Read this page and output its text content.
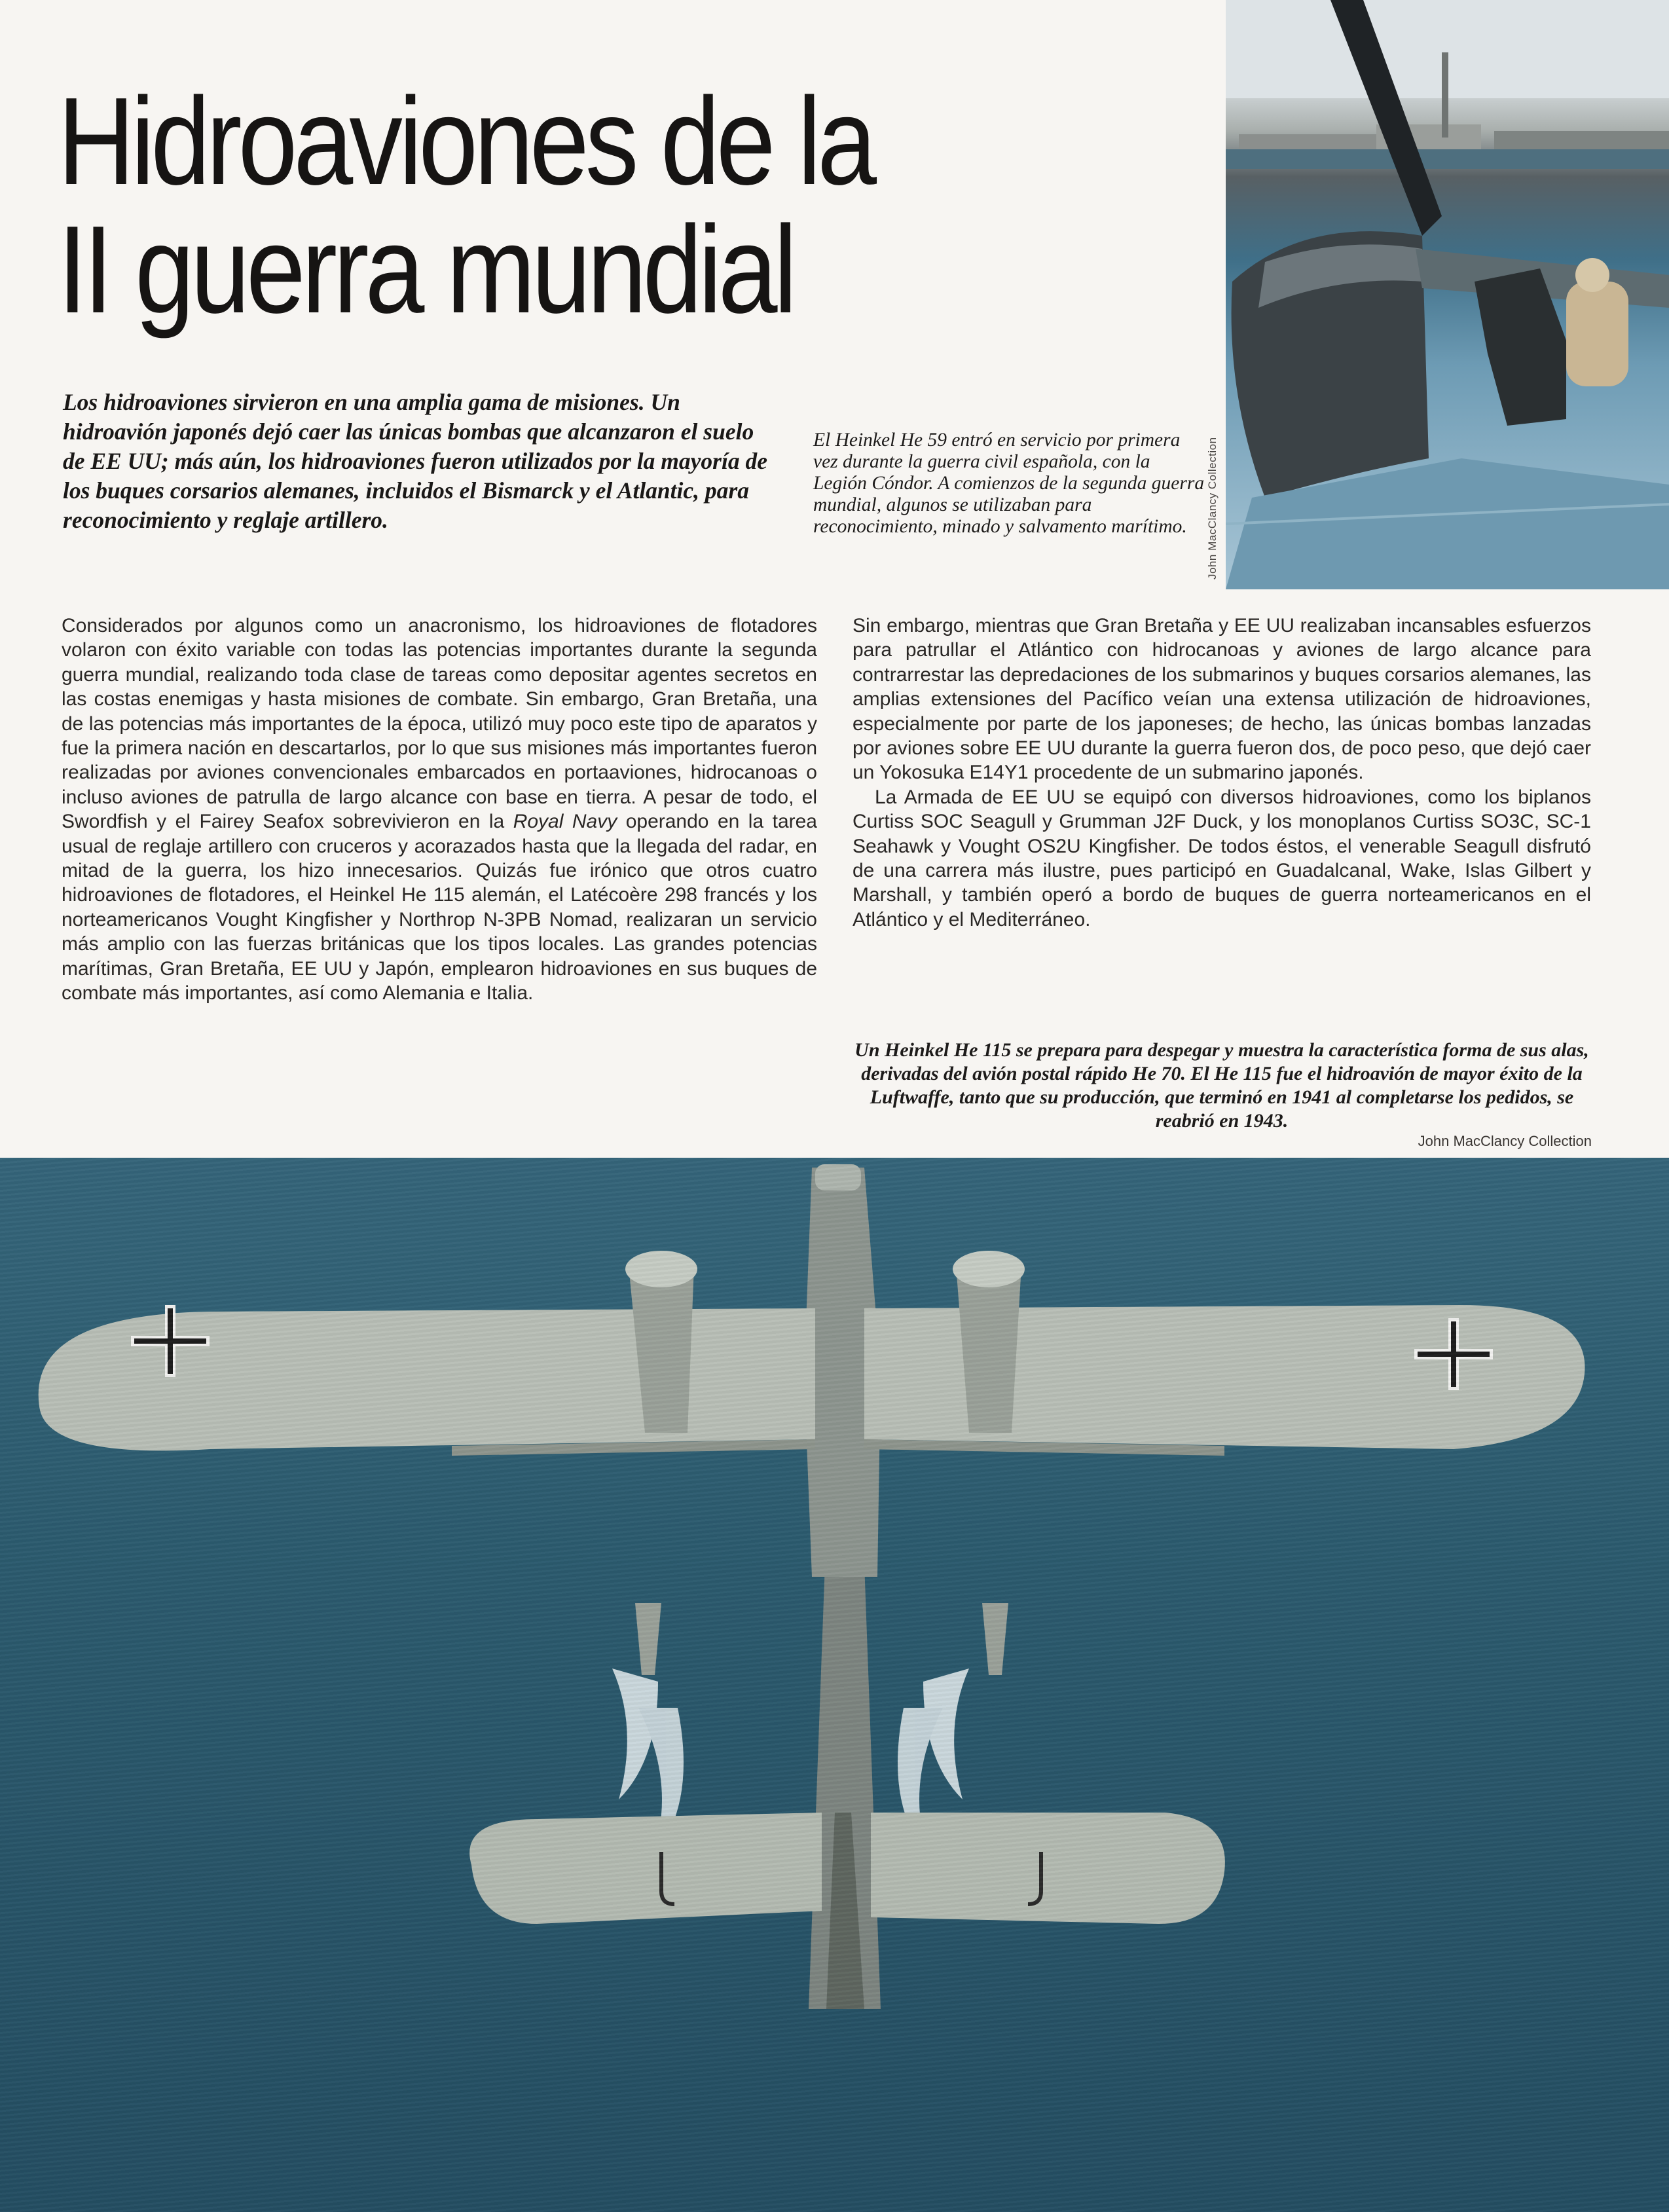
Hidroaviones de la
II guerra mundial

Los hidroaviones sirvieron en una amplia gama de misiones. Un hidroavión japonés dejó caer las únicas bombas que alcanzaron el suelo de EE UU; más aún, los hidroaviones fueron utilizados por la mayoría de los buques corsarios alemanes, incluidos el Bismarck y el Atlantic, para reconocimiento y reglaje artillero.	John MacClancy Collection

El Heinkel He 59 entró en servicio por primera vez durante la guerra civil española, con la Legión Cóndor. A comienzos de la segunda guerra mundial, algunos se utilizaban para reconocimiento, minado y salvamento marítimo.

Considerados por algunos como un anacronismo, los hidroaviones de flotadores volaron con éxito variable con todas las potencias importantes durante la segunda guerra mundial, realizando toda clase de tareas como depositar agentes secretos en las costas enemigas y hasta misiones de combate. Sin embargo, Gran Bretaña, una de las potencias más importantes de la época, utilizó muy poco este tipo de aparatos y fue la primera nación en descartarlos, por lo que sus misiones más importantes fueron realizadas por aviones convencionales embarcados en portaaviones, hidrocanoas o incluso aviones de patrulla de largo alcance con base en tierra. A pesar de todo, el Swordfish y el Fairey Seafox sobrevivieron en la Royal Navy operando en la tarea usual de reglaje artillero con cruceros y acorazados hasta que la llegada del radar, en mitad de la guerra, los hizo innecesarios. Quizás fue irónico que otros cuatro hidroaviones de flotadores, el Heinkel He 115 alemán, el Latécoère 298 francés y los norteamericanos Vought Kingfisher y Northrop N-3PB Nomad, realizaran un servicio más amplio con las fuerzas británicas que los tipos locales. Las grandes potencias marítimas, Gran Bretaña, EE UU y Japón, emplearon hidroaviones en sus buques de combate más importantes, así como Alemania e Italia.

Sin embargo, mientras que Gran Bretaña y EE UU realizaban incansables esfuerzos para patrullar el Atlántico con hidrocanoas y aviones de largo alcance para contrarrestar las depredaciones de los submarinos y buques corsarios alemanes, las amplias extensiones del Pacífico veían una extensa utilización de hidroaviones, especialmente por parte de los japoneses; de hecho, las únicas bombas lanzadas por aviones sobre EE UU durante la guerra fueron dos, de poco peso, que dejó caer un Yokosuka E14Y1 procedente de un submarino japonés.

La Armada de EE UU se equipó con diversos hidroaviones, como los biplanos Curtiss SOC Seagull y Grumman J2F Duck, y los monoplanos Curtiss SO3C, SC-1 Seahawk y Vought OS2U Kingfisher. De todos éstos, el venerable Seagull disfrutó de una carrera más ilustre, pues participó en Guadalcanal, Wake, Islas Gilbert y Marshall, y también operó a bordo de buques de guerra norteamericanos en el Atlántico y el Mediterráneo.

Un Heinkel He 115 se prepara para despegar y muestra la característica forma de sus alas, derivadas del avión postal rápido He 70. El He 115 fue el hidroavión de mayor éxito de la Luftwaffe, tanto que su producción, que terminó en 1941 al completarse los pedidos, se reabrió en 1943.

John MacClancy Collection
